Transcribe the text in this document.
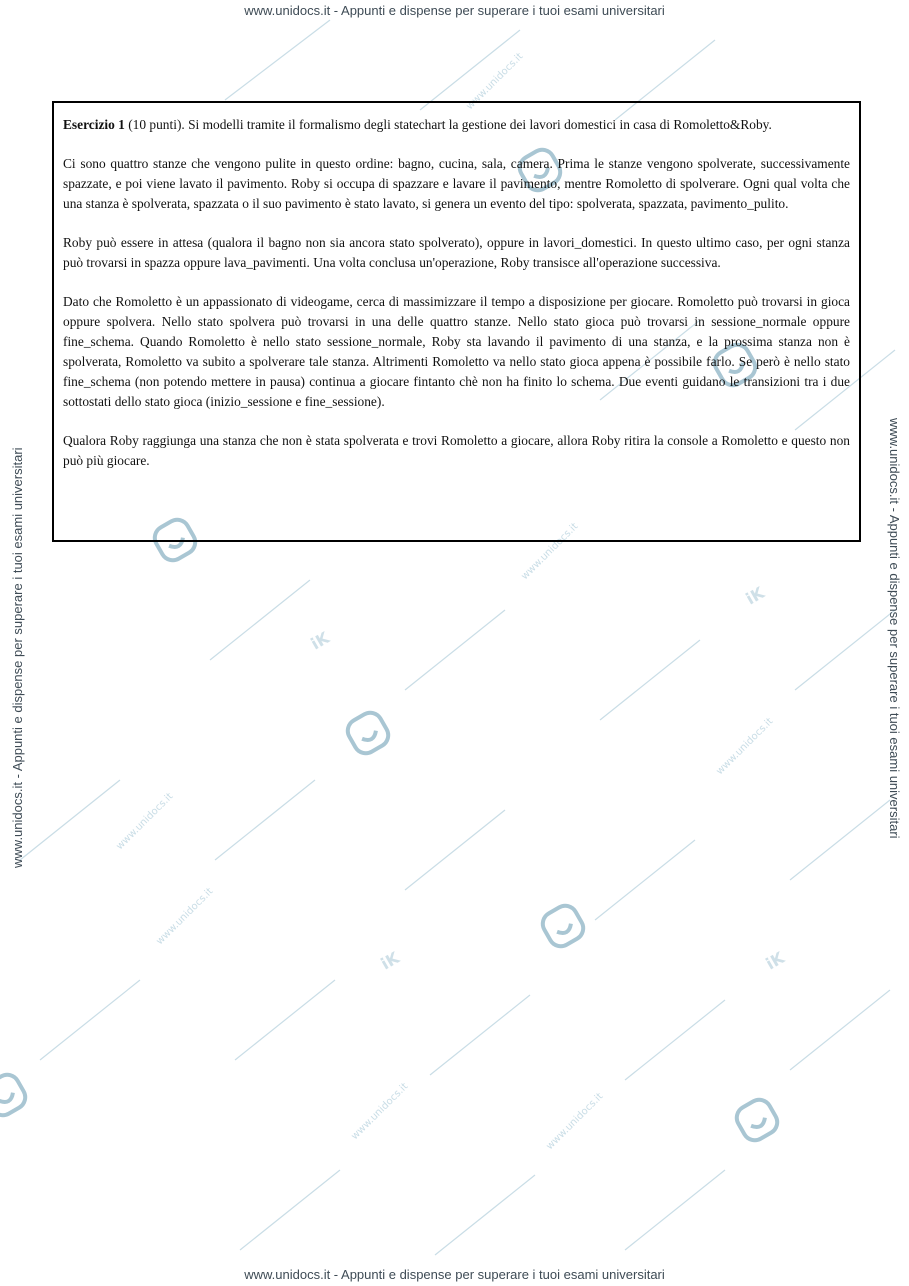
www.unidocs.it
www.unidocs.it
www.unidocs.it
www.unidocs.it
www.unidocs.it
www.unidocs.it
www.unidocs.it
iK
iK
iK	iK
www.unidocs.it - Appunti e dispense per superare i tuoi esami universitari
www.unidocs.it - Appunti e dispense per superare i tuoi esami universitari
www.unidocs.it - Appunti e dispense per superare i tuoi esami universitari	www.unidocs.it - Appunti e dispense per superare i tuoi esami universitari

Esercizio 1 (10 punti). Si modelli tramite il formalismo degli statechart la gestione dei lavori domestici in casa di Romoletto&Roby.

Ci sono quattro stanze che vengono pulite in questo ordine: bagno, cucina, sala, camera. Prima le stanze vengono spolverate, successivamente spazzate, e poi viene lavato il pavimento. Roby si occupa di spazzare e lavare il pavimento, mentre Romoletto di spolverare. Ogni qual volta che una stanza è spolverata, spazzata o il suo pavimento è stato lavato, si genera un evento del tipo: spolverata, spazzata, pavimento_pulito.

Roby può essere in attesa (qualora il bagno non sia ancora stato spolverato), oppure in lavori_domestici. In questo ultimo caso, per ogni stanza può trovarsi in spazza oppure lava_pavimenti. Una volta conclusa un'operazione, Roby transisce all'operazione successiva.

Dato che Romoletto è un appassionato di videogame, cerca di massimizzare il tempo a disposizione per giocare. Romoletto può trovarsi in gioca oppure spolvera. Nello stato spolvera può trovarsi in una delle quattro stanze. Nello stato gioca può trovarsi in sessione_normale oppure fine_schema. Quando Romoletto è nello stato sessione_normale, Roby sta lavando il pavimento di una stanza, e la prossima stanza non è spolverata, Romoletto va subito a spolverare tale stanza. Altrimenti Romoletto va nello stato gioca appena è possibile farlo. Se però è nello stato fine_schema (non potendo mettere in pausa) continua a giocare fintanto chè non ha finito lo schema. Due eventi guidano le transizioni tra i due sottostati dello stato gioca (inizio_sessione e fine_sessione).

Qualora Roby raggiunga una stanza che non è stata spolverata e trovi Romoletto a giocare, allora Roby ritira la console a Romoletto e questo non può più giocare.
